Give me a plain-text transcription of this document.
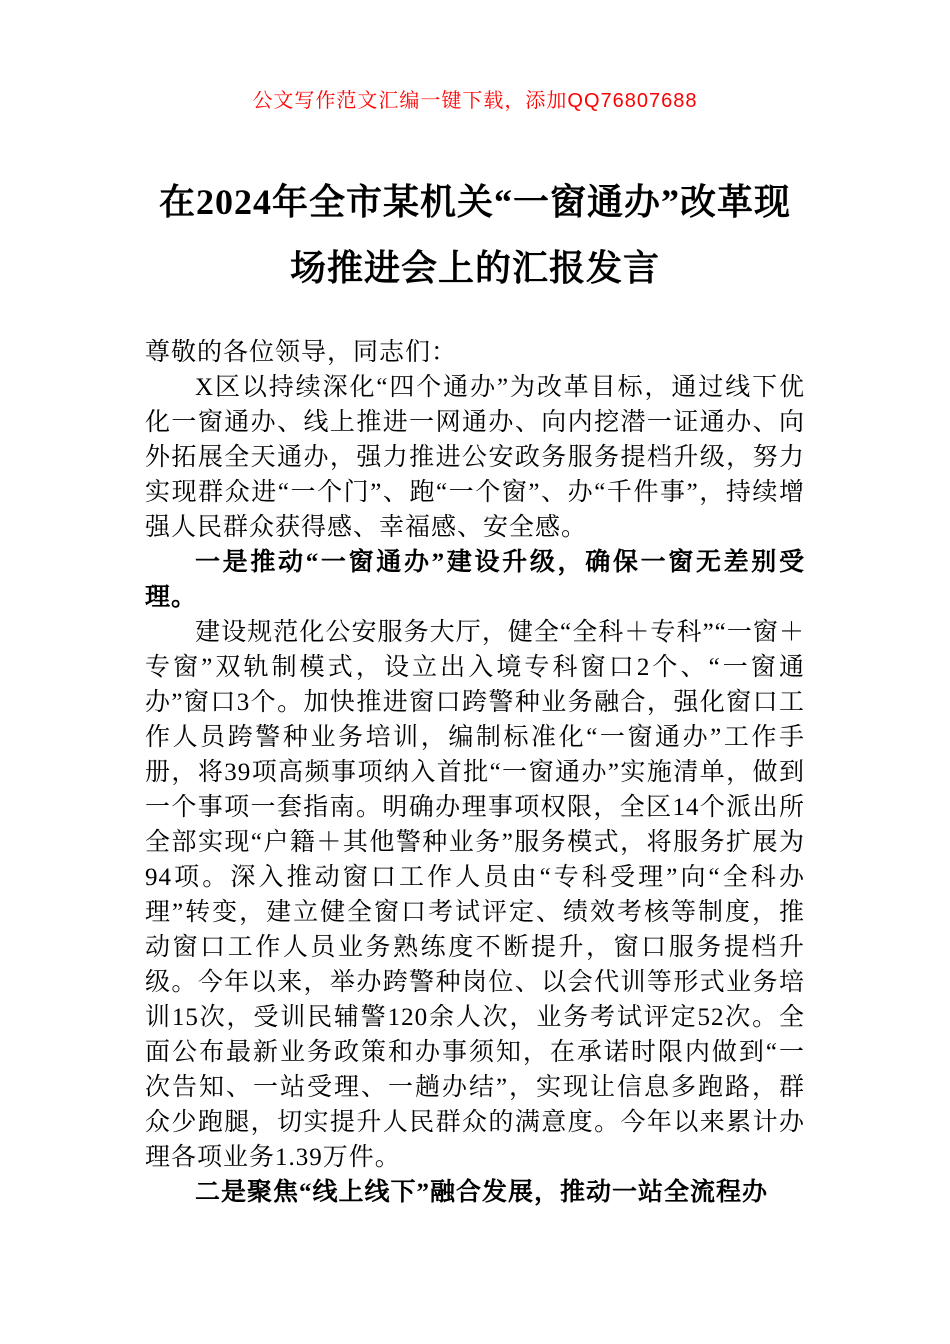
公文写作范文汇编一键下载，添加QQ76807688
在2024年全市某机关“一窗通办”改革现
场推进会上的汇报发言

尊敬的各位领导，同志们：

X区以持续深化“四个通办”为改革目标，通过线下优化一窗通办、线上推进一网通办、向内挖潜一证通办、向外拓展全天通办，强力推进公安政务服务提档升级，努力实现群众进“一个门”、跑“一个窗”、办“千件事”，持续增强人民群众获得感、幸福感、安全感。

一是推动“一窗通办”建设升级，确保一窗无差别受理。

建设规范化公安服务大厅，健全“全科＋专科”“一窗＋专窗”双轨制模式，设立出入境专科窗口2个、“一窗通办”窗口3个。加快推进窗口跨警种业务融合，强化窗口工作人员跨警种业务培训，编制标准化“一窗通办”工作手册，将39项高频事项纳入首批“一窗通办”实施清单，做到一个事项一套指南。明确办理事项权限，全区14个派出所全部实现“户籍＋其他警种业务”服务模式，将服务扩展为94项。深入推动窗口工作人员由“专科受理”向“全科办理”转变，建立健全窗口考试评定、绩效考核等制度，推动窗口工作人员业务熟练度不断提升，窗口服务提档升级。今年以来，举办跨警种岗位、以会代训等形式业务培训15次，受训民辅警120余人次，业务考试评定52次。全面公布最新业务政策和办事须知，在承诺时限内做到“一次告知、一站受理、一趟办结”，实现让信息多跑路，群众少跑腿，切实提升人民群众的满意度。今年以来累计办理各项业务1.39万件。

二是聚焦“线上线下”融合发展，推动一站全流程办
